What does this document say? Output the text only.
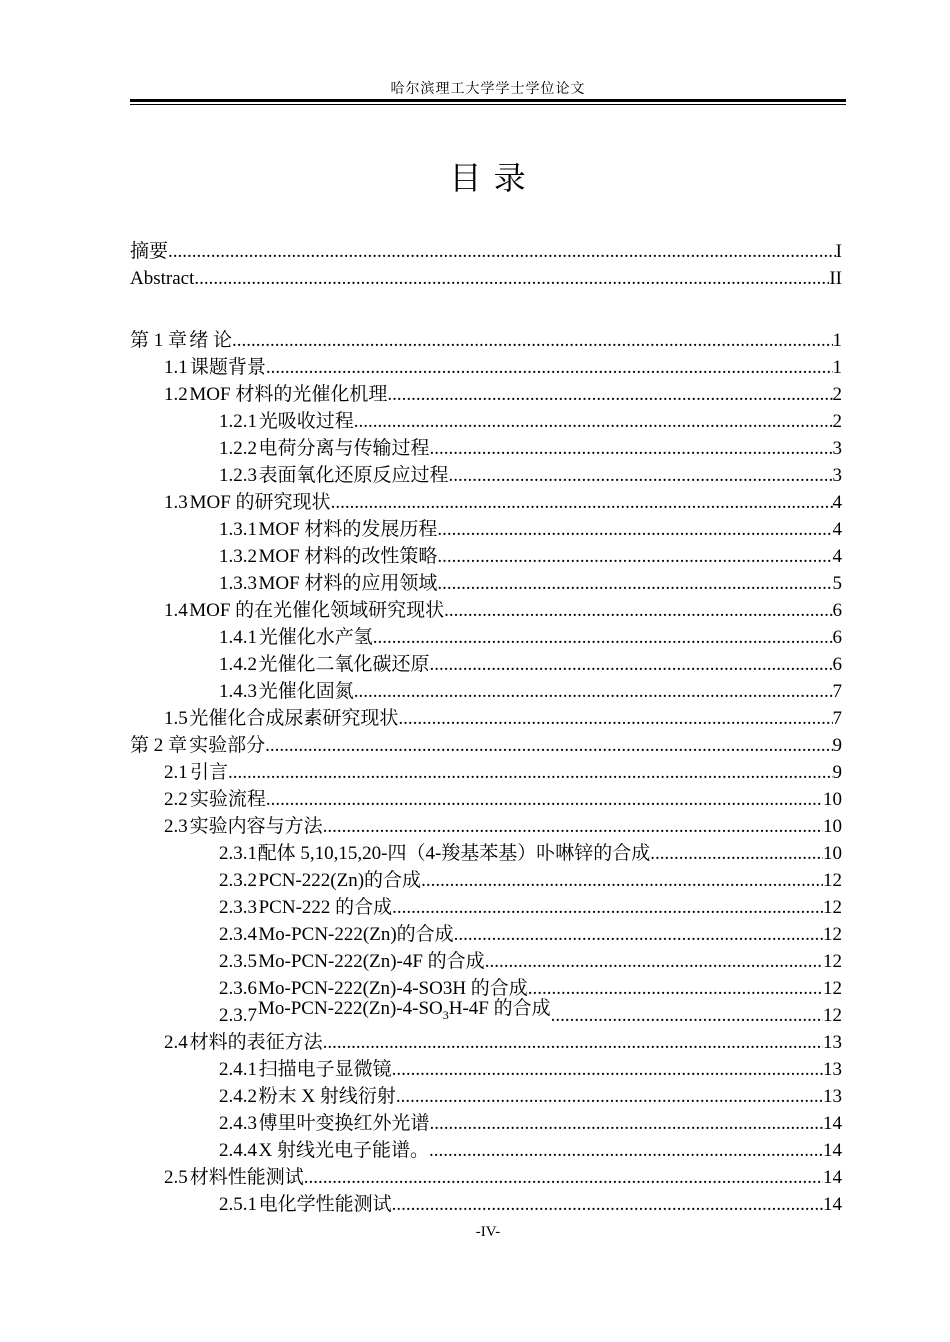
哈尔滨理工大学学士学位论文
目 录
摘要 .....	I
Abstract .....	II
第 1 章 绪 论 .....	1
1.1 课题背景 .....	1
1.2 MOF 材料的光催化机理 .....	2
1.2.1 光吸收过程 .....	2
1.2.2 电荷分离与传输过程 .....	3
1.2.3 表面氧化还原反应过程 .....	3
1.3 MOF 的研究现状 .....	4
1.3.1 MOF 材料的发展历程 .....	4
1.3.2 MOF 材料的改性策略 .....	4
1.3.3 MOF 材料的应用领域 .....	5
1.4 MOF 的在光催化领域研究现状 .....	6
1.4.1 光催化水产氢 .....	6
1.4.2 光催化二氧化碳还原 .....	6
1.4.3 光催化固氮 .....	7
1.5 光催化合成尿素研究现状 .....	7
第 2 章 实验部分 .....	9
2.1 引言 .....	9
2.2 实验流程 .....	10
2.3 实验内容与方法 .....	10
2.3.1 配体 5,10,15,20-四（4-羧基苯基）卟啉锌的合成 .....	10
2.3.2 PCN-222(Zn)的合成 .....	12
2.3.3 PCN-222 的合成 .....	12
2.3.4 Mo-PCN-222(Zn)的合成 .....	12
2.3.5 Mo-PCN-222(Zn)-4F 的合成 .....	12
2.3.6 Mo-PCN-222(Zn)-4-SO3H 的合成 .....	12
2.3.7 $Mo-PCN-222(Zn)-4-SO_3H-4F$ 的合成 .....	12
2.4 材料的表征方法 .....	13
2.4.1 扫描电子显微镜 .....	13
2.4.2 粉末 X 射线衍射 .....	13
2.4.3 傅里叶变换红外光谱 .....	14
2.4.4 X 射线光电子能谱。 .....	14
2.5 材料性能测试 .....	14
2.5.1 电化学性能测试 .....	14
-IV-
